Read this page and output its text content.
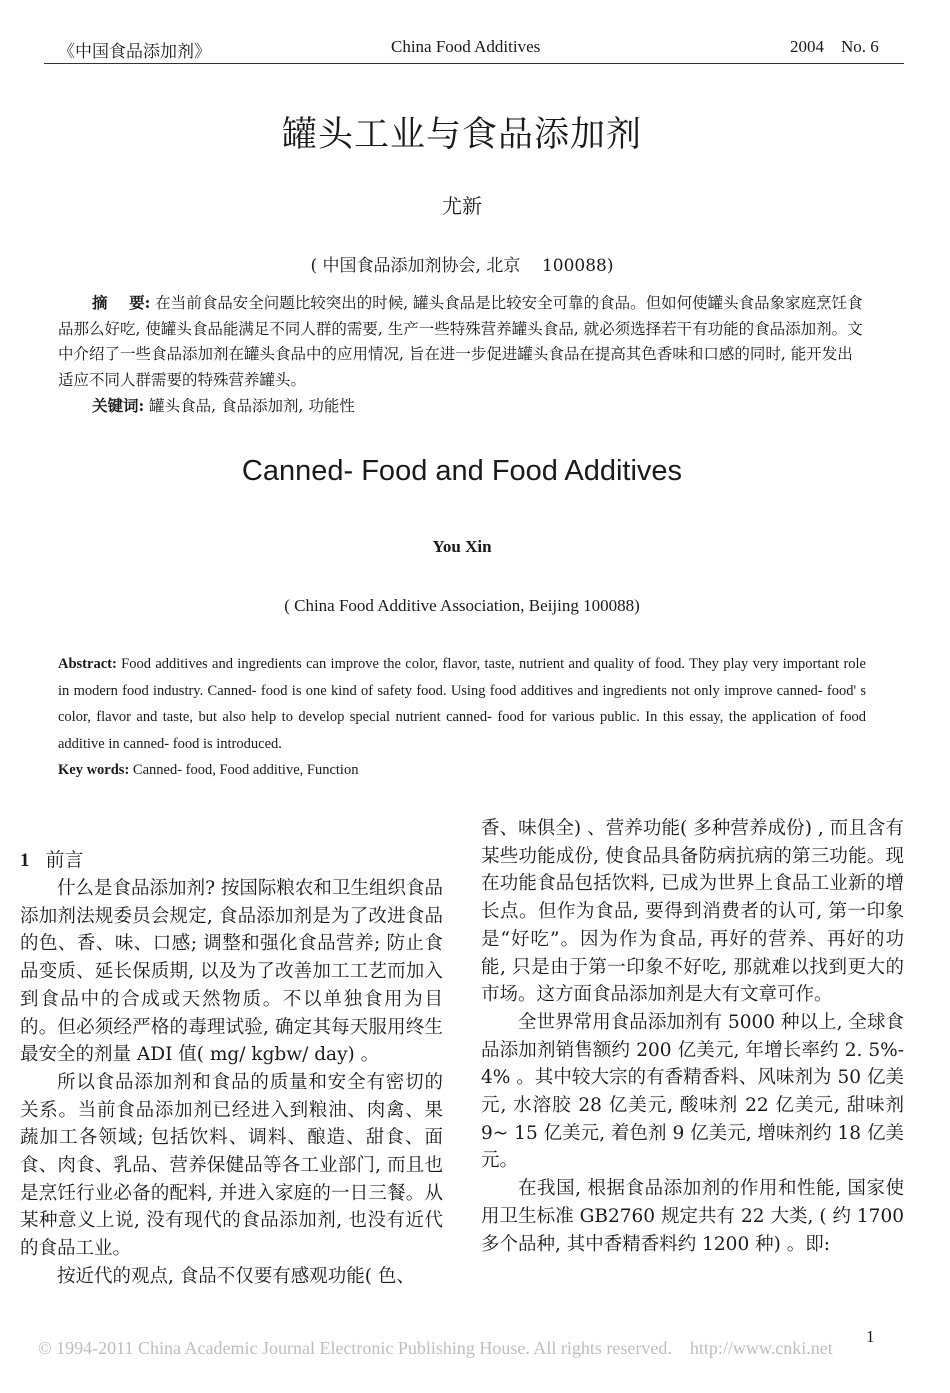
《中国食品添加剂》	China Food Additives	2004    No. 6
罐头工业与食品添加剂
尤新
( 中国食品添加剂协会, 北京    100088)
摘    要: 在当前食品安全问题比较突出的时候, 罐头食品是比较安全可靠的食品。但如何使罐头食品象家庭烹饪食品那么好吃, 使罐头食品能满足不同人群的需要, 生产一些特殊营养罐头食品, 就必须选择若干有功能的食品添加剂。文中介绍了一些食品添加剂在罐头食品中的应用情况, 旨在进一步促进罐头食品在提高其色香味和口感的同时, 能开发出适应不同人群需要的特殊营养罐头。
关键词: 罐头食品, 食品添加剂, 功能性
Canned- Food and Food Additives
You Xin
( China Food Additive Association, Beijing 100088)
Abstract: Food additives and ingredients can improve the color, flavor, taste, nutrient and quality of food. They play very important role in modern food industry. Canned- food is one kind of safety food. Using food additives and ingredients not only improve canned- food' s color, flavor and taste, but also help to develop special nutrient canned- food for various public. In this essay, the application of food additive in canned- food is introduced.
Key words: Canned- food, Food additive, Function
1 前言

什么是食品添加剂? 按国际粮农和卫生组织食品添加剂法规委员会规定, 食品添加剂是为了改进食品的色、香、味、口感; 调整和强化食品营养; 防止食品变质、延长保质期, 以及为了改善加工工艺而加入到食品中的合成或天然物质。不以单独食用为目的。但必须经严格的毒理试验, 确定其每天服用终生最安全的剂量 ADI 值( mg/ kgbw/ day) 。

所以食品添加剂和食品的质量和安全有密切的关系。当前食品添加剂已经进入到粮油、肉禽、果蔬加工各领域; 包括饮料、调料、酿造、甜食、面食、肉食、乳品、营养保健品等各工业部门, 而且也是烹饪行业必备的配料, 并进入家庭的一日三餐。从某种意义上说, 没有现代的食品添加剂, 也没有近代的食品工业。

按近代的观点, 食品不仅要有感观功能( 色、

香、味俱全) 、营养功能( 多种营养成份) , 而且含有某些功能成份, 使食品具备防病抗病的第三功能。现在功能食品包括饮料, 已成为世界上食品工业新的增长点。但作为食品, 要得到消费者的认可, 第一印象是“好吃”。因为作为食品, 再好的营养、再好的功能, 只是由于第一印象不好吃, 那就难以找到更大的市场。这方面食品添加剂是大有文章可作。

全世界常用食品添加剂有 5000 种以上, 全球食品添加剂销售额约 200 亿美元, 年增长率约 2. 5%- 4% 。其中较大宗的有香精香料、风味剂为 50 亿美元, 水溶胶 28 亿美元, 酸味剂 22 亿美元, 甜味剂 9~ 15 亿美元, 着色剂 9 亿美元, 增味剂约 18 亿美元。

在我国, 根据食品添加剂的作用和性能, 国家使用卫生标准 GB2760 规定共有 22 大类, ( 约 1700 多个品种, 其中香精香料约 1200 种) 。即:

1
© 1994-2011 China Academic Journal Electronic Publishing House. All rights reserved.    http://www.cnki.net
